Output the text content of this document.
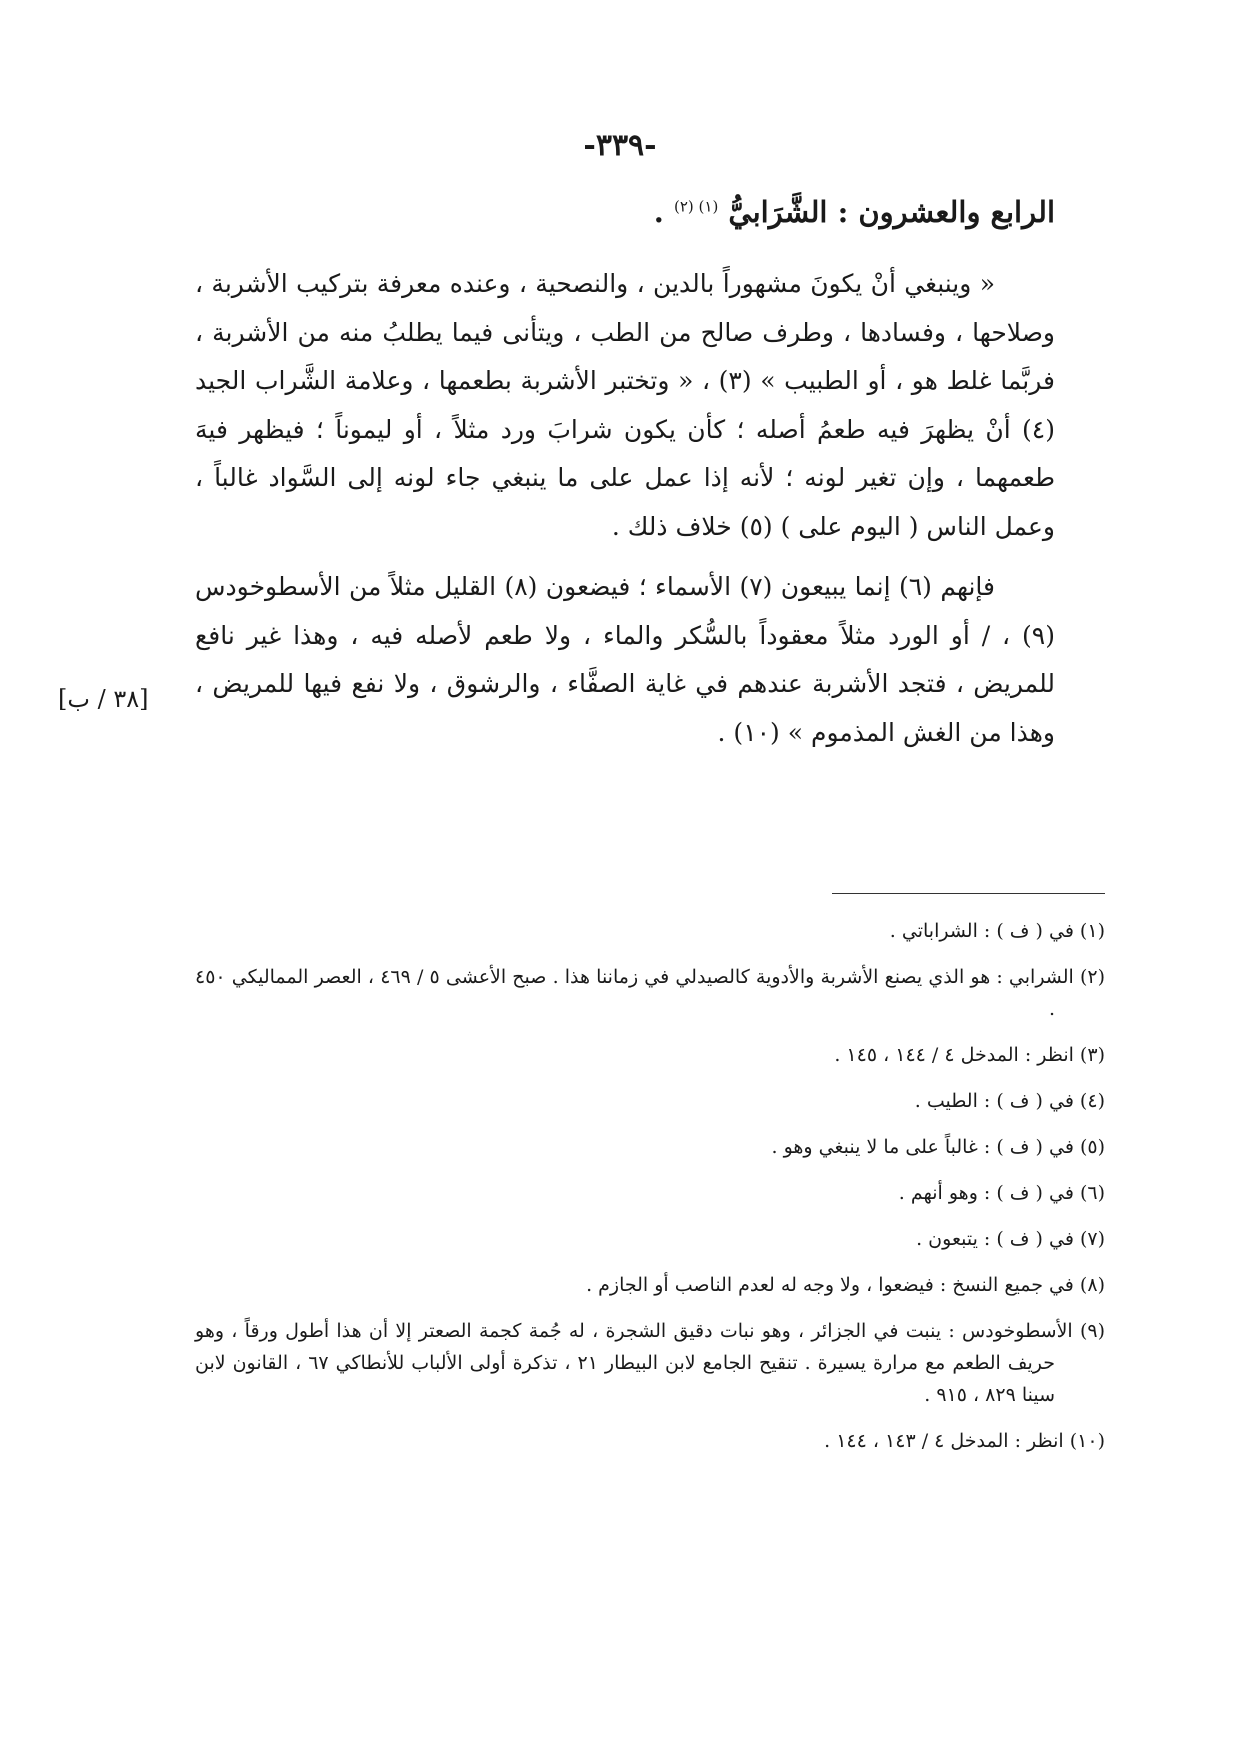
-٣٣٩-
الرابع والعشرون : الشَّرَابيُّ $^{(١) (٢)}$ .

« وينبغي أنْ يكونَ مشهوراً بالدين ، والنصحية ، وعنده معرفة بتركيب الأشربة ، وصلاحها ، وفسادها ، وطرف صالح من الطب ، ويتأنى فيما يطلبُ منه من الأشربة ، فربَّما غلط هو ، أو الطبيب » (٣) ، « وتختبر الأشربة بطعمها ، وعلامة الشَّراب الجيد (٤) أنْ يظهرَ فيه طعمُ أصله ؛ كأن يكون شرابَ ورد مثلاً ، أو ليموناً ؛ فيظهر فيهَ طعمهما ، وإن تغير لونه ؛ لأنه إذا عمل على ما ينبغي جاء لونه إلى السَّواد غالباً ، وعمل الناس ( اليوم على ) (٥) خلاف ذلك .

فإنهم (٦) إنما يبيعون (٧) الأسماء ؛ فيضعون (٨) القليل مثلاً من الأسطوخودس (٩) ، / أو الورد مثلاً معقوداً بالسُّكر والماء ، ولا طعم لأصله فيه ، وهذا غير نافع للمريض ، فتجد الأشربة عندهم في غاية الصفَّاء ، والرشوق ، ولا نفع فيها للمريض ، وهذا من الغش المذموم » (١٠) .

[٣٨ / ب]
(١) في ( ف ) : الشراباتي .
(٢) الشرابي : هو الذي يصنع الأشربة والأدوية كالصيدلي في زماننا هذا . صبح الأعشى ٥ / ٤٦٩ ، العصر المماليكي ٤٥٠ .
(٣) انظر : المدخل ٤ / ١٤٤ ، ١٤٥ .
(٤) في ( ف ) : الطيب .
(٥) في ( ف ) : غالباً على ما لا ينبغي وهو .
(٦) في ( ف ) : وهو أنهم .
(٧) في ( ف ) : يتبعون .
(٨) في جميع النسخ : فيضعوا ، ولا وجه له لعدم الناصب أو الجازم .
(٩) الأسطوخودس : ينبت في الجزائر ، وهو نبات دقيق الشجرة ، له جُمة كجمة الصعتر إلا أن هذا أطول ورقاً ، وهو حريف الطعم مع مرارة يسيرة . تنقيح الجامع لابن البيطار ٢١ ، تذكرة أولى الألباب للأنطاكي ٦٧ ، القانون لابن سينا ٨٢٩ ، ٩١٥ .
(١٠) انظر : المدخل ٤ / ١٤٣ ، ١٤٤ .
